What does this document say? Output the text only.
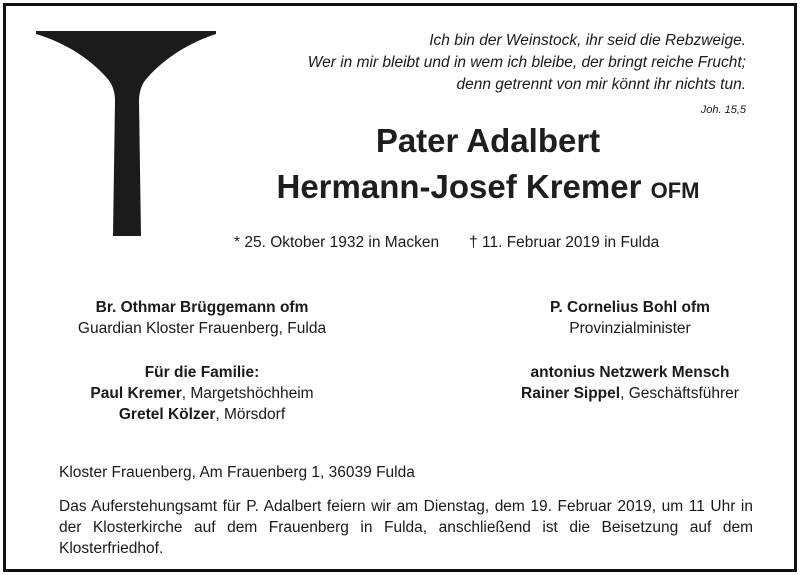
Ich bin der Weinstock, ihr seid die Rebzweige.
Wer in mir bleibt und in wem ich bleibe, der bringt reiche Frucht;
denn getrennt von mir könnt ihr nichts tun.
Joh. 15,5
Pater Adalbert
Hermann-Josef Kremer OFM
* 25. Oktober 1932 in Macken † 11. Februar 2019 in Fulda
Br. Othmar Brüggemann ofm
Guardian Kloster Frauenberg, Fulda
P. Cornelius Bohl ofm
Provinzialminister
Für die Familie:
Paul Kremer, Margetshöchheim
Gretel Kölzer, Mörsdorf
antonius Netzwerk Mensch
Rainer Sippel, Geschäftsführer
Kloster Frauenberg, Am Frauenberg 1, 36039 Fulda
Das Auferstehungsamt für P. Adalbert feiern wir am Dienstag, dem 19. Februar 2019, um 11 Uhr in der Klosterkirche auf dem Frauenberg in Fulda, anschließend ist die Beisetzung auf dem Klosterfriedhof.
